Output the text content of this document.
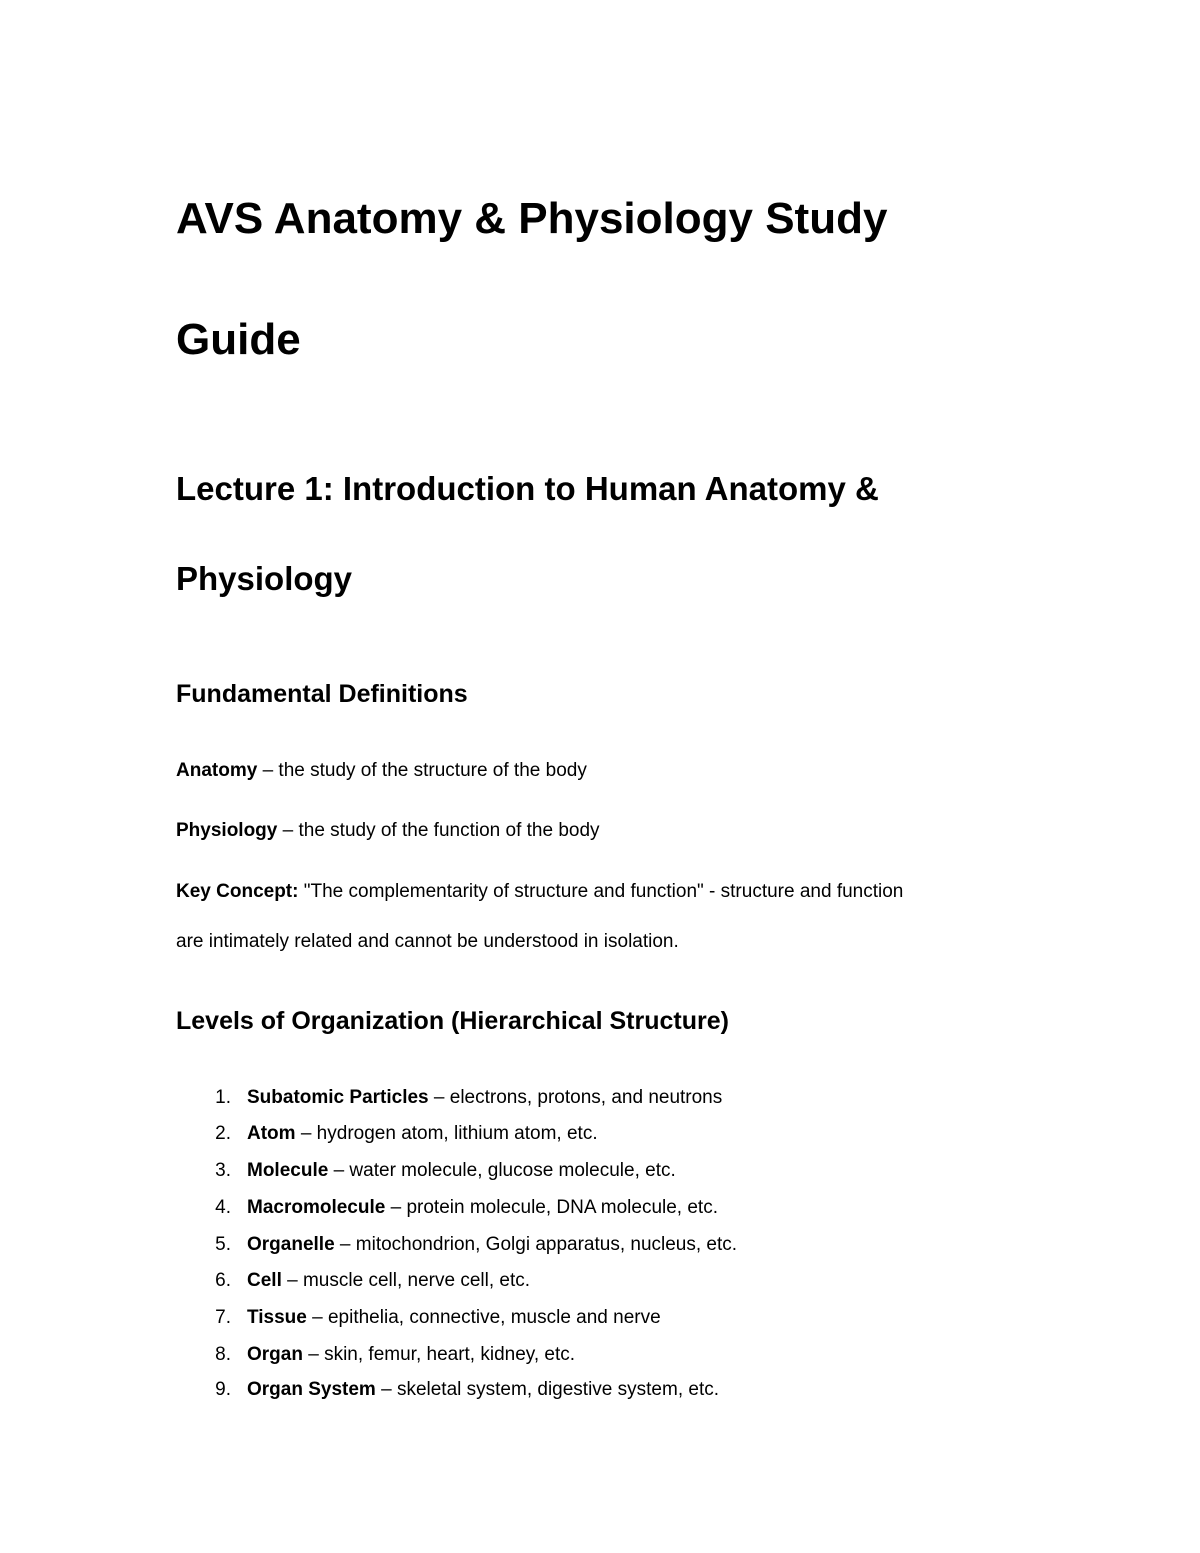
AVS Anatomy & Physiology Study
Guide
Lecture 1: Introduction to Human Anatomy &
Physiology
Fundamental Definitions
Anatomy – the study of the structure of the body
Physiology – the study of the function of the body
Key Concept: "The complementarity of structure and function" - structure and function
are intimately related and cannot be understood in isolation.
Levels of Organization (Hierarchical Structure)
1. Subatomic Particles – electrons, protons, and neutrons
2. Atom – hydrogen atom, lithium atom, etc.
3. Molecule – water molecule, glucose molecule, etc.
4. Macromolecule – protein molecule, DNA molecule, etc.
5. Organelle – mitochondrion, Golgi apparatus, nucleus, etc.
6. Cell – muscle cell, nerve cell, etc.
7. Tissue – epithelia, connective, muscle and nerve
8. Organ – skin, femur, heart, kidney, etc.
9. Organ System – skeletal system, digestive system, etc.
